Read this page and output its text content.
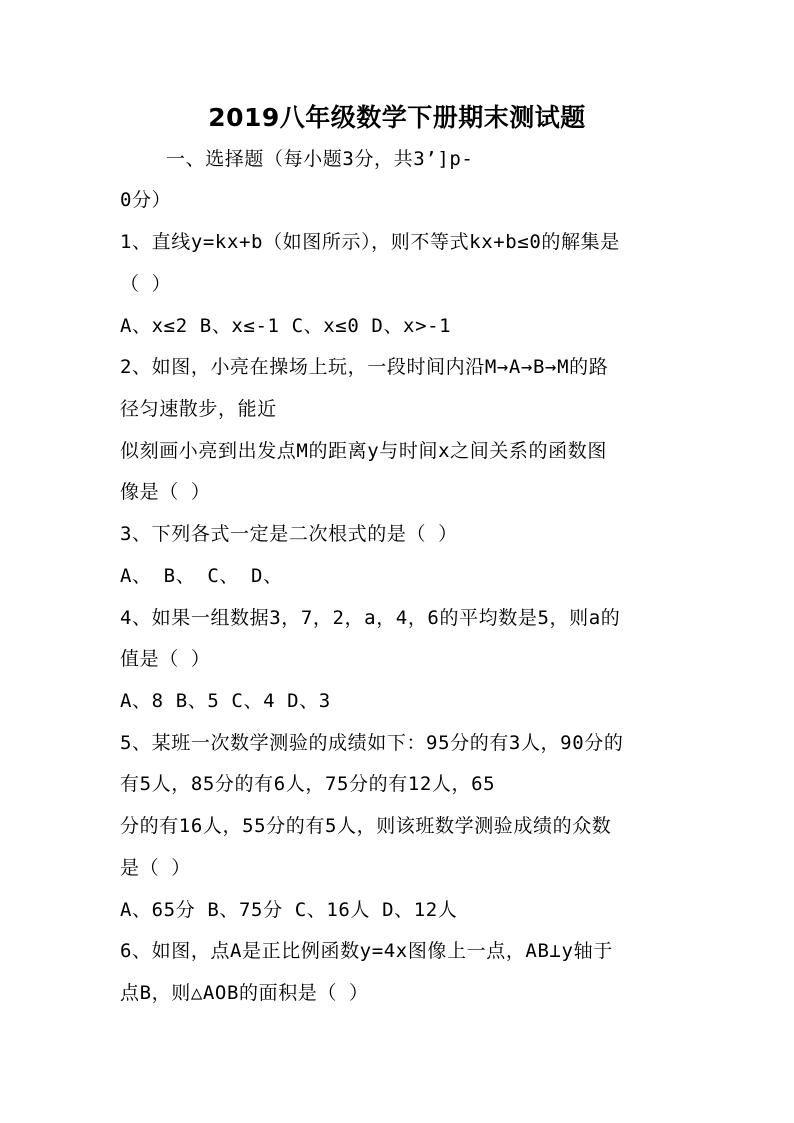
2019八年级数学下册期末测试题
一、选择题（每小题3分，共3’]p-
0分）
1、直线y=kx+b（如图所示），则不等式kx+b≤0的解集是
（ ）
A、x≤2 B、x≤-1 C、x≤0 D、x>-1
2、如图，小亮在操场上玩，一段时间内沿M→A→B→M的路
径匀速散步，能近
似刻画小亮到出发点M的距离y与时间x之间关系的函数图
像是（ ）
3、下列各式一定是二次根式的是（ ）
A、 B、 C、 D、
4、如果一组数据3，7，2，a，4，6的平均数是5，则a的
值是（ ）
A、8 B、5 C、4 D、3
5、某班一次数学测验的成绩如下：95分的有3人，90分的
有5人，85分的有6人，75分的有12人，65
分的有16人，55分的有5人，则该班数学测验成绩的众数
是（ ）
A、65分 B、75分 C、16人 D、12人
6、如图，点A是正比例函数y=4x图像上一点，AB⊥y轴于
点B，则△AOB的面积是（ ）
